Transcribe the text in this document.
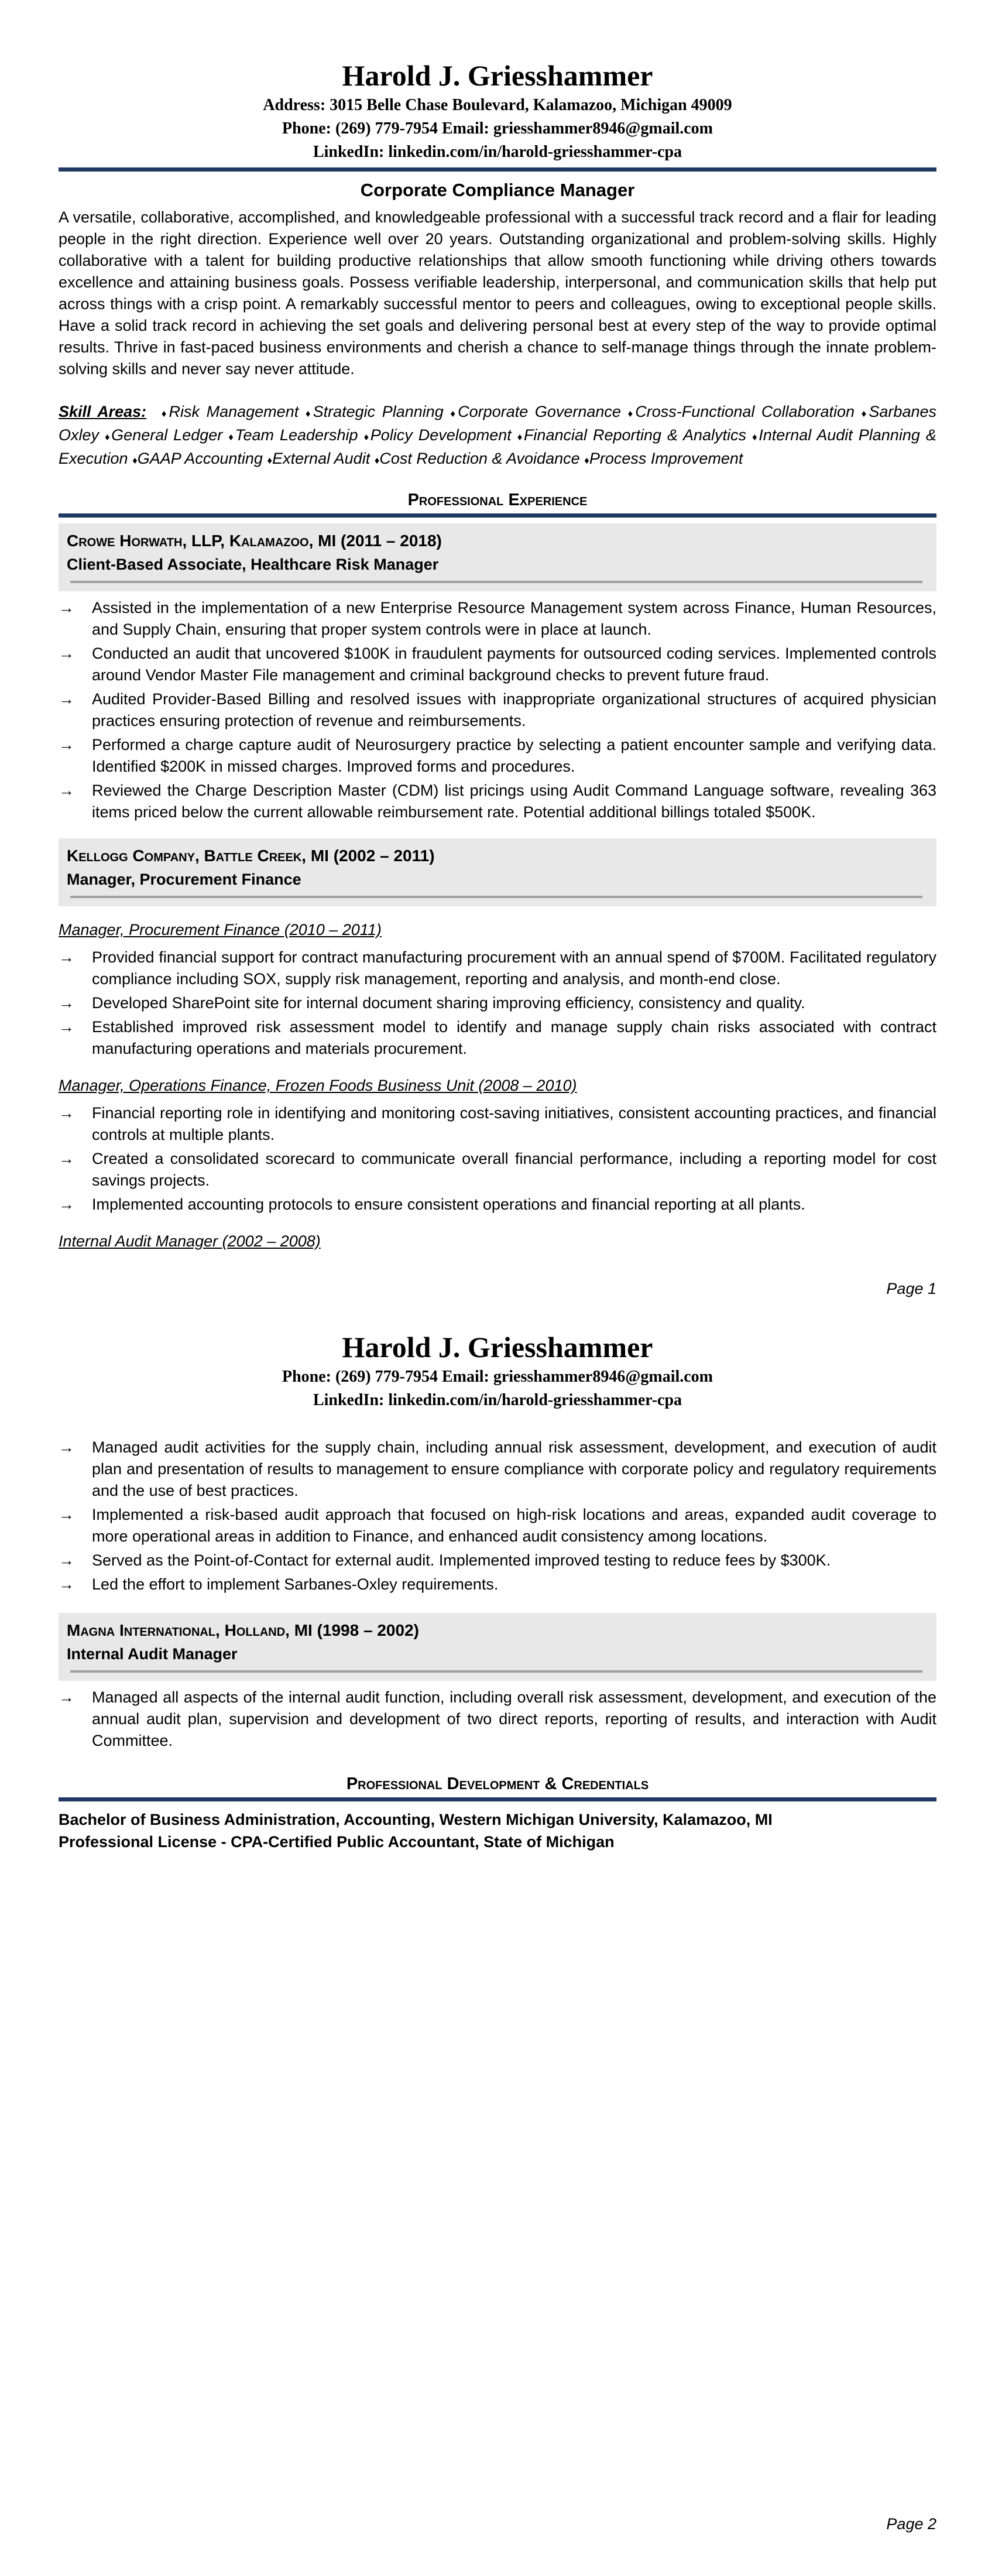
Harold J. Griesshammer
Address: 3015 Belle Chase Boulevard, Kalamazoo, Michigan 49009
Phone: (269) 779-7954 Email: griesshammer8946@gmail.com
LinkedIn: linkedin.com/in/harold-griesshammer-cpa
Corporate Compliance Manager
A versatile, collaborative, accomplished, and knowledgeable professional with a successful track record and a flair for leading people in the right direction. Experience well over 20 years. Outstanding organizational and problem-solving skills. Highly collaborative with a talent for building productive relationships that allow smooth functioning while driving others towards excellence and attaining business goals. Possess verifiable leadership, interpersonal, and communication skills that help put across things with a crisp point. A remarkably successful mentor to peers and colleagues, owing to exceptional people skills. Have a solid track record in achieving the set goals and delivering personal best at every step of the way to provide optimal results. Thrive in fast-paced business environments and cherish a chance to self-manage things through the innate problem-solving skills and never say never attitude.
Skill Areas: ♦Risk Management ♦Strategic Planning ♦Corporate Governance ♦Cross-Functional Collaboration ♦Sarbanes Oxley ♦General Ledger ♦Team Leadership ♦Policy Development ♦Financial Reporting & Analytics ♦Internal Audit Planning & Execution ♦GAAP Accounting ♦External Audit ♦Cost Reduction & Avoidance ♦Process Improvement
Professional Experience
Crowe Horwath, LLP, Kalamazoo, MI (2011 – 2018)
Client-Based Associate, Healthcare Risk Manager
→	Assisted in the implementation of a new Enterprise Resource Management system across Finance, Human Resources, and Supply Chain, ensuring that proper system controls were in place at launch.
→	Conducted an audit that uncovered $100K in fraudulent payments for outsourced coding services. Implemented controls around Vendor Master File management and criminal background checks to prevent future fraud.
→	Audited Provider-Based Billing and resolved issues with inappropriate organizational structures of acquired physician practices ensuring protection of revenue and reimbursements.
→	Performed a charge capture audit of Neurosurgery practice by selecting a patient encounter sample and verifying data. Identified $200K in missed charges. Improved forms and procedures.
→	Reviewed the Charge Description Master (CDM) list pricings using Audit Command Language software, revealing 363 items priced below the current allowable reimbursement rate. Potential additional billings totaled $500K.
Kellogg Company, Battle Creek, MI (2002 – 2011)
Manager, Procurement Finance
Manager, Procurement Finance (2010 – 2011)
→	Provided financial support for contract manufacturing procurement with an annual spend of $700M. Facilitated regulatory compliance including SOX, supply risk management, reporting and analysis, and month-end close.
→	Developed SharePoint site for internal document sharing improving efficiency, consistency and quality.
→	Established improved risk assessment model to identify and manage supply chain risks associated with contract manufacturing operations and materials procurement.
Manager, Operations Finance, Frozen Foods Business Unit (2008 – 2010)
→	Financial reporting role in identifying and monitoring cost-saving initiatives, consistent accounting practices, and financial controls at multiple plants.
→	Created a consolidated scorecard to communicate overall financial performance, including a reporting model for cost savings projects.
→	Implemented accounting protocols to ensure consistent operations and financial reporting at all plants.
Internal Audit Manager (2002 – 2008)
Page 1
Harold J. Griesshammer
Phone: (269) 779-7954 Email: griesshammer8946@gmail.com
LinkedIn: linkedin.com/in/harold-griesshammer-cpa
→	Managed audit activities for the supply chain, including annual risk assessment, development, and execution of audit plan and presentation of results to management to ensure compliance with corporate policy and regulatory requirements and the use of best practices.
→	Implemented a risk-based audit approach that focused on high-risk locations and areas, expanded audit coverage to more operational areas in addition to Finance, and enhanced audit consistency among locations.
→	Served as the Point-of-Contact for external audit. Implemented improved testing to reduce fees by $300K.
→	Led the effort to implement Sarbanes-Oxley requirements.
Magna International, Holland, MI (1998 – 2002)
Internal Audit Manager
→	Managed all aspects of the internal audit function, including overall risk assessment, development, and execution of the annual audit plan, supervision and development of two direct reports, reporting of results, and interaction with Audit Committee.
Professional Development & Credentials
Bachelor of Business Administration, Accounting, Western Michigan University, Kalamazoo, MI
Professional License - CPA-Certified Public Accountant, State of Michigan
Page 2
